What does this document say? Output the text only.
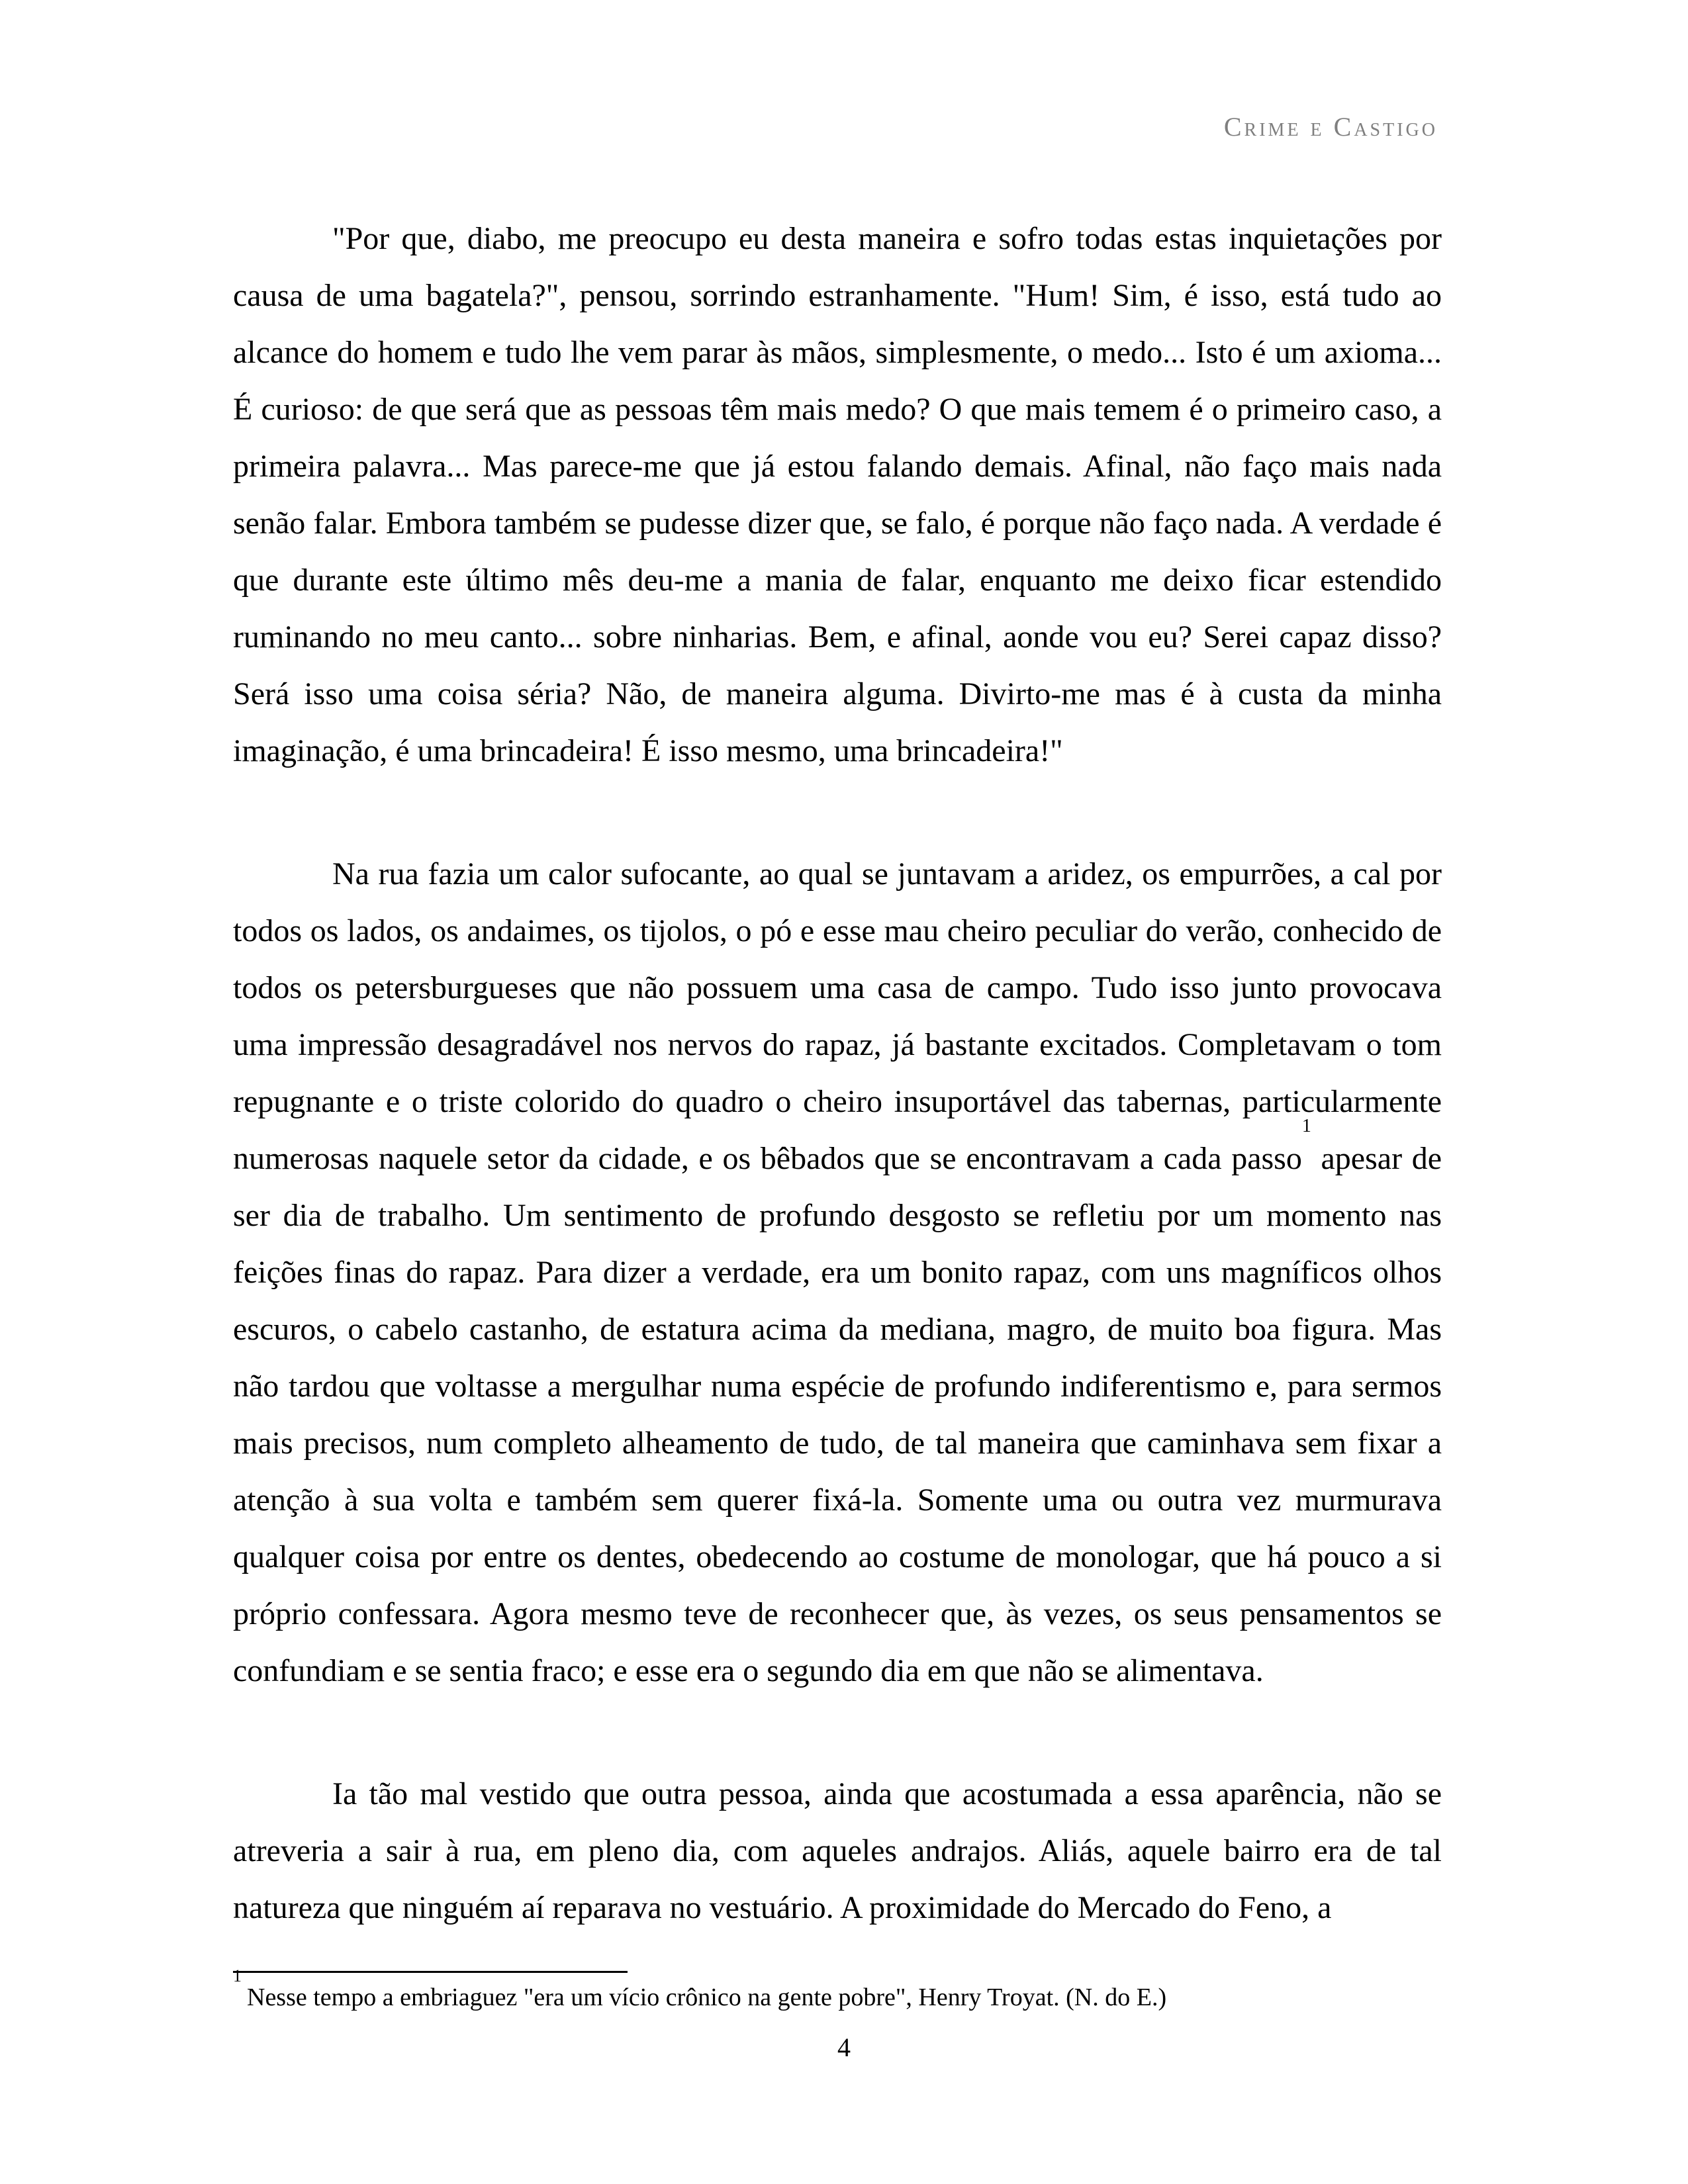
Crime e Castigo

"Por que, diabo, me preocupo eu desta maneira e sofro todas estas inquietações por causa de uma bagatela?", pensou, sorrindo estranhamente. "Hum! Sim, é isso, está tudo ao alcance do homem e tudo lhe vem parar às mãos, simplesmente, o medo... Isto é um axioma... É curioso: de que será que as pessoas têm mais medo? O que mais temem é o primeiro caso, a primeira palavra... Mas parece-me que já estou falando demais. Afinal, não faço mais nada senão falar. Embora também se pudesse dizer que, se falo, é porque não faço nada. A verdade é que durante este último mês deu-me a mania de falar, enquanto me deixo ficar estendido ruminando no meu canto... sobre ninharias. Bem, e afinal, aonde vou eu? Serei capaz disso? Será isso uma coisa séria? Não, de maneira alguma. Divirto-me mas é à custa da minha imaginação, é uma brincadeira! É isso mesmo, uma brincadeira!"

Na rua fazia um calor sufocante, ao qual se juntavam a aridez, os empurrões, a cal por todos os lados, os andaimes, os tijolos, o pó e esse mau cheiro peculiar do verão, conhecido de todos os petersburgueses que não possuem uma casa de campo. Tudo isso junto provocava uma impressão desagradável nos nervos do rapaz, já bastante excitados. Completavam o tom repugnante e o triste colorido do quadro o cheiro insuportável das tabernas, particularmente numerosas naquele setor da cidade, e os bêbados que se encontravam a cada passo$^1$ apesar de ser dia de trabalho. Um sentimento de profundo desgosto se refletiu por um momento nas feições finas do rapaz. Para dizer a verdade, era um bonito rapaz, com uns magníficos olhos escuros, o cabelo castanho, de estatura acima da mediana, magro, de muito boa figura. Mas não tardou que voltasse a mergulhar numa espécie de profundo indiferentismo e, para sermos mais precisos, num completo alheamento de tudo, de tal maneira que caminhava sem fixar a atenção à sua volta e também sem querer fixá-la. Somente uma ou outra vez murmurava qualquer coisa por entre os dentes, obedecendo ao costume de monologar, que há pouco a si próprio confessara. Agora mesmo teve de reconhecer que, às vezes, os seus pensamentos se confundiam e se sentia fraco; e esse era o segundo dia em que não se alimentava.

Ia tão mal vestido que outra pessoa, ainda que acostumada a essa aparência, não se atreveria a sair à rua, em pleno dia, com aqueles andrajos. Aliás, aquele bairro era de tal natureza que ninguém aí reparava no vestuário. A proximidade do Mercado do Feno, a

$^1$Nesse tempo a embriaguez "era um vício crônico na gente pobre", Henry Troyat. (N. do E.)
4
